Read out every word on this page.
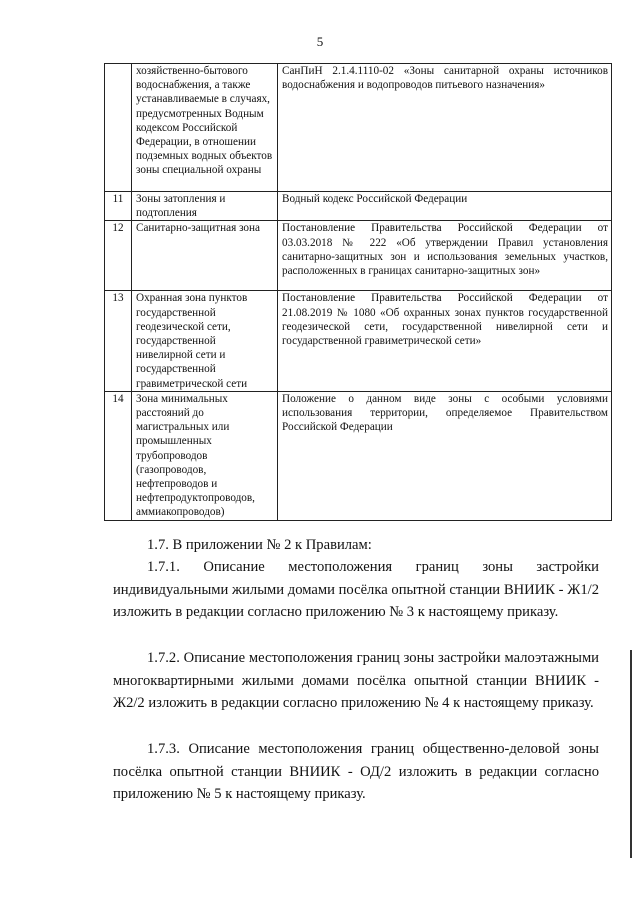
5
	хозяйственно-бытового водоснабжения, а также устанавливаемые в случаях, предусмотренных Водным кодексом Российской Федерации, в отношении подземных водных объектов зоны специальной охраны	СанПиН 2.1.4.1110-02 «Зоны санитарной охраны источников водоснабжения и водопроводов питьевого назначения»
11	Зоны затопления и подтопления	Водный кодекс Российской Федерации
12	Санитарно-защитная зона	Постановление Правительства Российской Федерации от 03.03.2018 № 222 «Об утверждении Правил установления санитарно-защитных зон и использования земельных участков, расположенных в границах санитарно-защитных зон»
13	Охранная зона пунктов государственной геодезической сети, государственной нивелирной сети и государственной гравиметрической сети	Постановление Правительства Российской Федерации от 21.08.2019 № 1080 «Об охранных зонах пунктов государственной геодезической сети, государственной нивелирной сети и государственной гравиметрической сети»
14	Зона минимальных расстояний до магистральных или промышленных трубопроводов (газопроводов, нефтепроводов и нефтепродуктопроводов, аммиакопроводов)	Положение о данном виде зоны с особыми условиями использования территории, определяемое Правительством Российской Федерации

1.7. В приложении № 2 к Правилам:

1.7.1. Описание местоположения границ зоны застройки индивидуальными жилыми домами посёлка опытной станции ВНИИК - Ж1/2 изложить в редакции согласно приложению № 3 к настоящему приказу.

1.7.2. Описание местоположения границ зоны застройки малоэтажными многоквартирными жилыми домами посёлка опытной станции ВНИИК - Ж2/2 изложить в редакции согласно приложению № 4 к настоящему приказу.

1.7.3. Описание местоположения границ общественно-деловой зоны посёлка опытной станции ВНИИК - ОД/2 изложить в редакции согласно приложению № 5 к настоящему приказу.
